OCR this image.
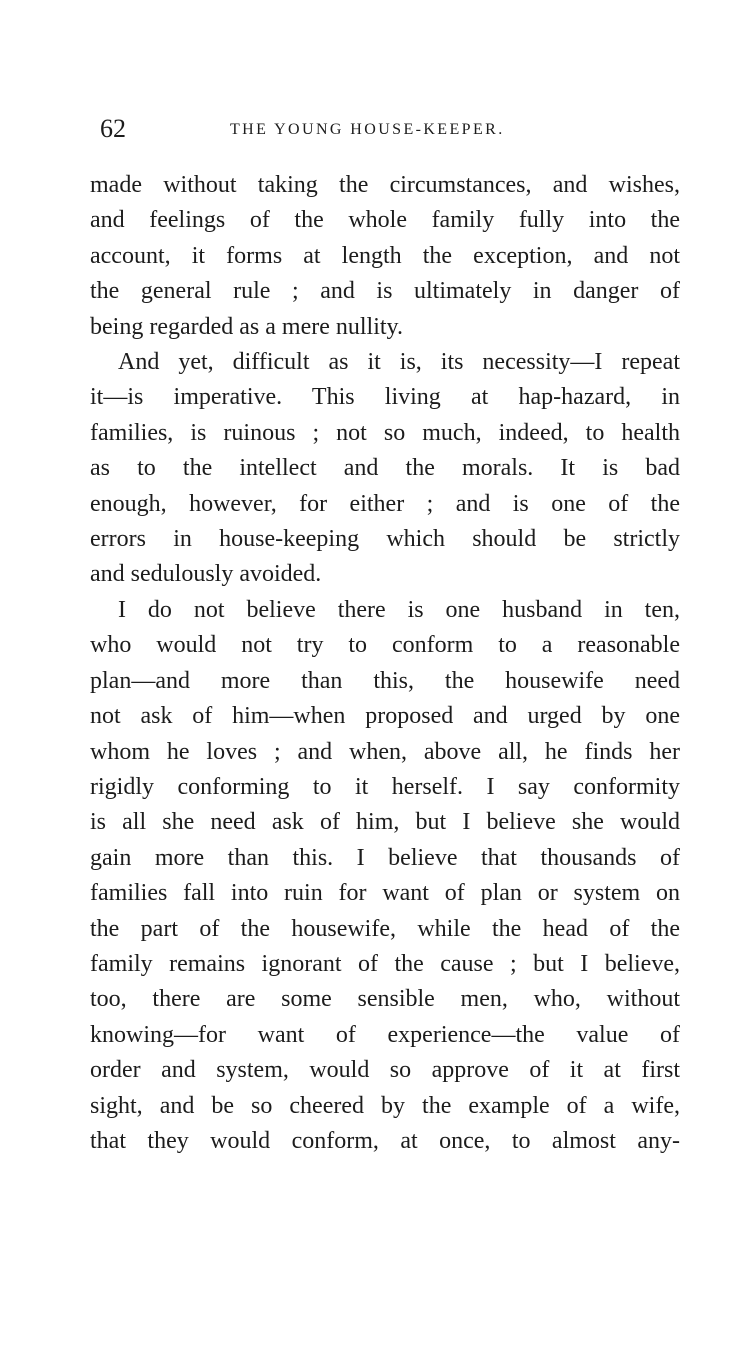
62	THE YOUNG HOUSE-KEEPER.

made without taking the circumstances, and wishes,
and feelings of the whole family fully into the
account, it forms at length the exception, and not
the general rule ; and is ultimately in danger of
being regarded as a mere nullity.

And yet, difficult as it is, its necessity—I repeat
it—is imperative. This living at hap-hazard, in
families, is ruinous ; not so much, indeed, to health
as to the intellect and the morals. It is bad
enough, however, for either ; and is one of the
errors in house-keeping which should be strictly
and sedulously avoided.

I do not believe there is one husband in ten,
who would not try to conform to a reasonable
plan—and more than this, the housewife need
not ask of him—when proposed and urged by one
whom he loves ; and when, above all, he finds her
rigidly conforming to it herself. I say conformity
is all she need ask of him, but I believe she would
gain more than this. I believe that thousands of
families fall into ruin for want of plan or system on
the part of the housewife, while the head of the
family remains ignorant of the cause ; but I believe,
too, there are some sensible men, who, without
knowing—for want of experience—the value of
order and system, would so approve of it at first
sight, and be so cheered by the example of a wife,
that they would conform, at once, to almost any-
